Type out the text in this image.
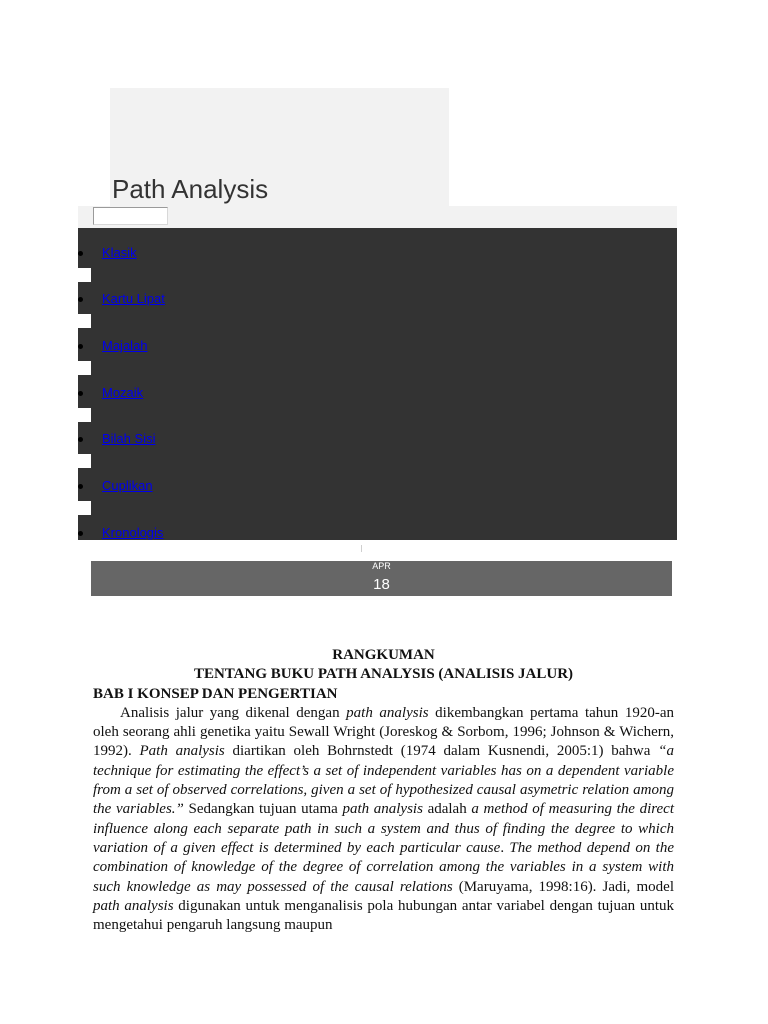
Path Analysis
Klasik
Kartu Lipat
Majalah
Mozaik
Bilah Sisi
Cuplikan
Kronologis
APR
18
RANGKUMAN
TENTANG BUKU PATH ANALYSIS (ANALISIS JALUR)
BAB I KONSEP DAN PENGERTIAN

Analisis jalur yang dikenal dengan path analysis dikembangkan pertama tahun 1920-an oleh seorang ahli genetika yaitu Sewall Wright (Joreskog & Sorbom, 1996; Johnson & Wichern, 1992). Path analysis diartikan oleh Bohrnstedt (1974 dalam Kusnendi, 2005:1) bahwa “a technique for estimating the effect’s a set of independent variables has on a dependent variable from a set of observed correlations, given a set of hypothesized causal asymetric relation among the variables.” Sedangkan tujuan utama path analysis adalah a method of measuring the direct influence along each separate path in such a system and thus of finding the degree to which variation of a given effect is determined by each particular cause. The method depend on the combination of knowledge of the degree of correlation among the variables in a system with such knowledge as may possessed of the causal relations (Maruyama, 1998:16). Jadi, model path analysis digunakan untuk menganalisis pola hubungan antar variabel dengan tujuan untuk mengetahui pengaruh langsung maupun
